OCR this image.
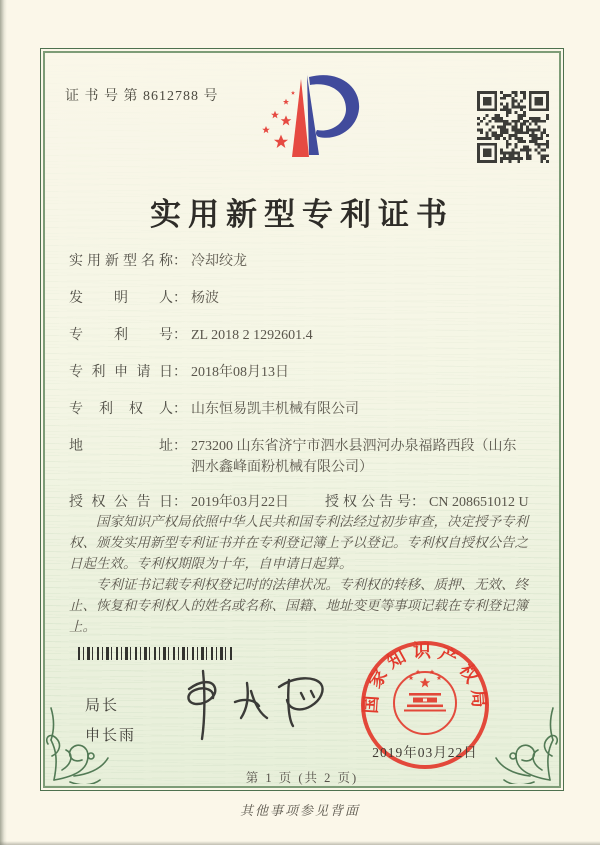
证 书 号 第 8612788 号
实用新型专利证书
实用新型名称 ： 冷却绞龙
发明人 ： 杨波
专利号 ： ZL 2018 2 1292601.4
专利申请日 ： 2018年08月13日
专利权人 ： 山东恒易凯丰机械有限公司
地址 ： 273200 山东省济宁市泗水县泗河办泉福路西段（山东泗水鑫峰面粉机械有限公司）
授权公告日 ： 2019年03月22日	授权公告号 ： CN 208651012 U

国家知识产权局依照中华人民共和国专利法经过初步审查，决定授予专利权、颁发实用新型专利证书并在专利登记簿上予以登记。专利权自授权公告之日起生效。专利权期限为十年，自申请日起算。

专利证书记载专利权登记时的法律状况。专利权的转移、质押、无效、终止、恢复和专利权人的姓名或名称、国籍、地址变更等事项记载在专利登记簿上。

局长
申长雨
国家知识产权局
2019年03月22日
第 1 页 (共 2 页)
其他事项参见背面
